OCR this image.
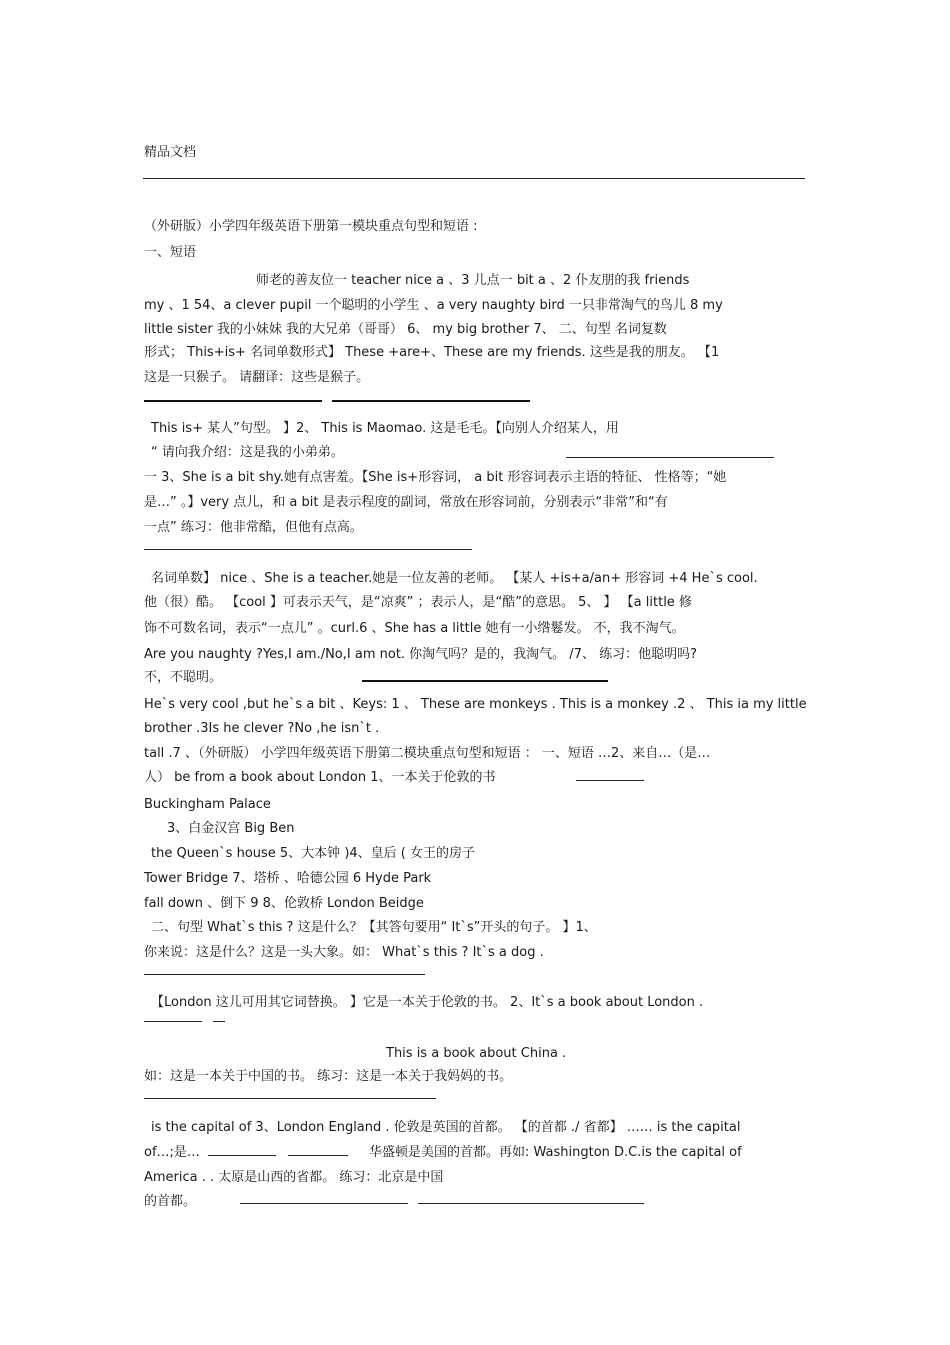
精品文档
（外研版）小学四年级英语下册第一模块重点句型和短语 :
一、短语
师老的善友位一 teacher nice a 、3 儿点一 bit a 、2 仆友朋的我 friends
my 、1 54、a clever pupil 一个聪明的小学生 、a very naughty bird 一只非常淘气的鸟儿 8 my
little sister 我的小妹妹 我的大兄弟（哥哥） 6、 my big brother 7、 二、句型 名词复数
形式； This+is+ 名词单数形式】 These +are+、These are my friends. 这些是我的朋友。 【1
这是一只猴子。 请翻译：这些是猴子。
This is+ 某人”句型。 】2、 This is Maomao. 这是毛毛。【向别人介绍某人，用
“ 请向我介绍：这是我的小弟弟。
一 3、She is a bit shy.她有点害羞。【She is+形容词， a bit 形容词表示主语的特征、 性格等；“她
是…” 。】very 点儿，和 a bit 是表示程度的副词，常放在形容词前，分别表示“非常”和“有
一点” 练习：他非常酷，但他有点高。
名词单数】 nice 、She is a teacher.她是一位友善的老师。 【某人 +is+a/an+ 形容词 +4 He`s cool.
他（很）酷。 【cool 】可表示天气，是“凉爽” ；表示人，是“酷”的意思。 5、 】 【a little 修
饰不可数名词，表示“一点儿” 。curl.6 、She has a little 她有一小绺鬈发。 不，我不淘气。
Are you naughty ?Yes,I am./No,I am not. 你淘气吗？是的，我淘气。 /7、 练习：他聪明吗?
不，不聪明。
He`s very cool ,but he`s a bit 、Keys: 1 、 These are monkeys . This is a monkey .2 、 This ia my little
brother .3Is he clever ?No ,he isn`t .
tall .7 、（外研版） 小学四年级英语下册第二模块重点句型和短语 ： 一、短语 …2、来自…（是…
人） be from a book about London 1、一本关于伦敦的书
Buckingham Palace
3、白金汉宫 Big Ben
the Queen`s house 5、大本钟 )4、皇后 ( 女王的房子
Tower Bridge 7、塔桥 、哈德公园 6 Hyde Park
fall down 、倒下 9 8、伦敦桥 London Beidge
二、句型 What`s this ? 这是什么？【其答句要用“ It`s”开头的句子。 】1、
你来说：这是什么？这是一头大象。如： What`s this ? It`s a dog .
【London 这儿可用其它词替换。 】它是一本关于伦敦的书。 2、It`s a book about London .
This is a book about China .
如：这是一本关于中国的书。 练习：这是一本关于我妈妈的书。
is the capital of 3、London England . 伦敦是英国的首都。 【的首都 ./ 省都】 …… is the capital
of…;是…	华盛顿是美国的首都。再如: Washington D.C.is the capital of
America . . 太原是山西的省都。 练习：北京是中国
的首都。
